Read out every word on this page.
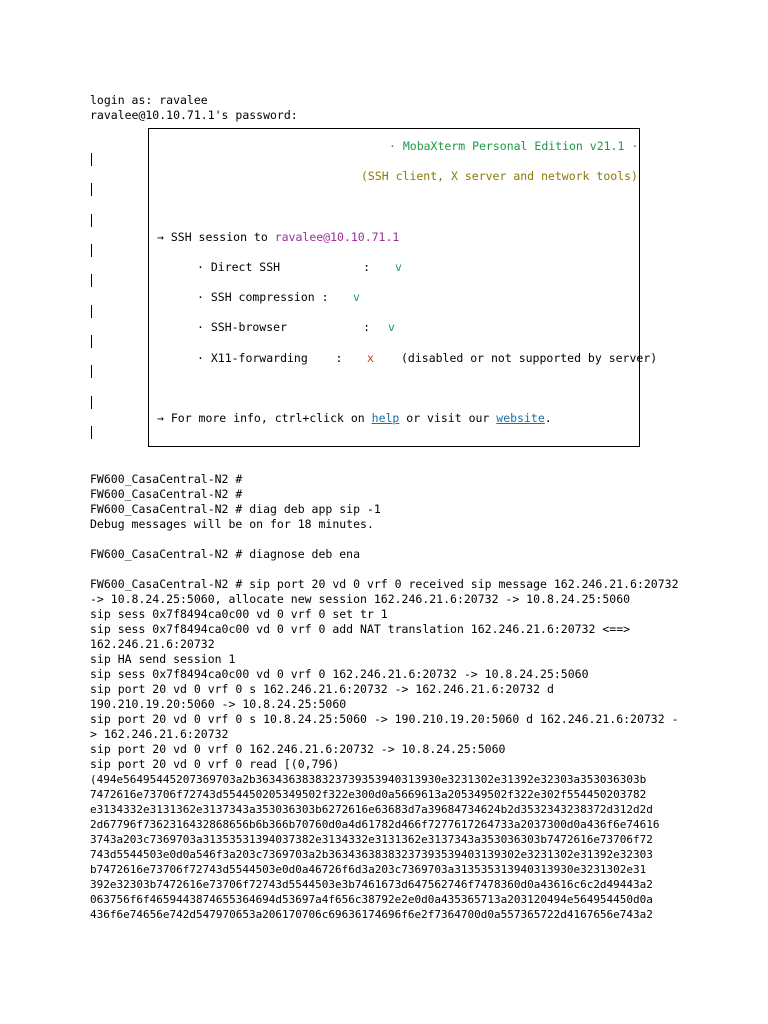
login as: ravalee
ravalee@10.10.71.1's password:
· MobaXterm Personal Edition v21.1 ·
(SSH client, X server and network tools)
→ SSH session to ravalee@10.10.71.1
· Direct SSH            : v
· SSH compression : v
· SSH-browser           : v
· X11-forwarding    : x (disabled or not supported by server)
→ For more info, ctrl+click on help or visit our website.
FW600_CasaCentral-N2 #
FW600_CasaCentral-N2 #
FW600_CasaCentral-N2 # diag deb app sip -1
Debug messages will be on for 18 minutes.
FW600_CasaCentral-N2 # diagnose deb ena
FW600_CasaCentral-N2 # sip port 20 vd 0 vrf 0 received sip message 162.246.21.6:20732
-> 10.8.24.25:5060, allocate new session 162.246.21.6:20732 -> 10.8.24.25:5060
sip sess 0x7f8494ca0c00 vd 0 vrf 0 set tr 1
sip sess 0x7f8494ca0c00 vd 0 vrf 0 add NAT translation 162.246.21.6:20732 <==>
162.246.21.6:20732
sip HA send session 1
sip sess 0x7f8494ca0c00 vd 0 vrf 0 162.246.21.6:20732 -> 10.8.24.25:5060
sip port 20 vd 0 vrf 0 s 162.246.21.6:20732 -> 162.246.21.6:20732 d
190.210.19.20:5060 -> 10.8.24.25:5060
sip port 20 vd 0 vrf 0 s 10.8.24.25:5060 -> 190.210.19.20:5060 d 162.246.21.6:20732 -
> 162.246.21.6:20732
sip port 20 vd 0 vrf 0 162.246.21.6:20732 -> 10.8.24.25:5060
sip port 20 vd 0 vrf 0 read [(0,796)
(494e56495445207369703a2b3634363838323739353940313930e3231302e31392e32303a353036303b
7472616e73706f72743d554450205349502f322e300d0a5669613a205349502f322e302f554450203782
e3134332e3131362e3137343a353036303b6272616e63683d7a39684734624b2d3532343238372d312d2d
2d67796f7362316432868656b6b366b70760d0a4d61782d466f7277617264733a2037300d0a436f6e74616
3743a203c7369703a31353531394037382e3134332e3131362e3137343a353036303b7472616e73706f72
743d5544503e0d0a546f3a203c7369703a2b36343638383237393539403139302e3231302e31392e32303
b7472616e73706f72743d5544503e0d0a46726f6d3a203c7369703a313535313940313930e3231302e31
392e32303b7472616e73706f72743d5544503e3b7461673d647562746f7478360d0a43616c6c2d49443a2
063756f6f4659443874655364694d53697a4f656c38792e2e0d0a435365713a203120494e564954450d0a
436f6e74656e742d547970653a206170706c69636174696f6e2f7364700d0a557365722d4167656e743a2
